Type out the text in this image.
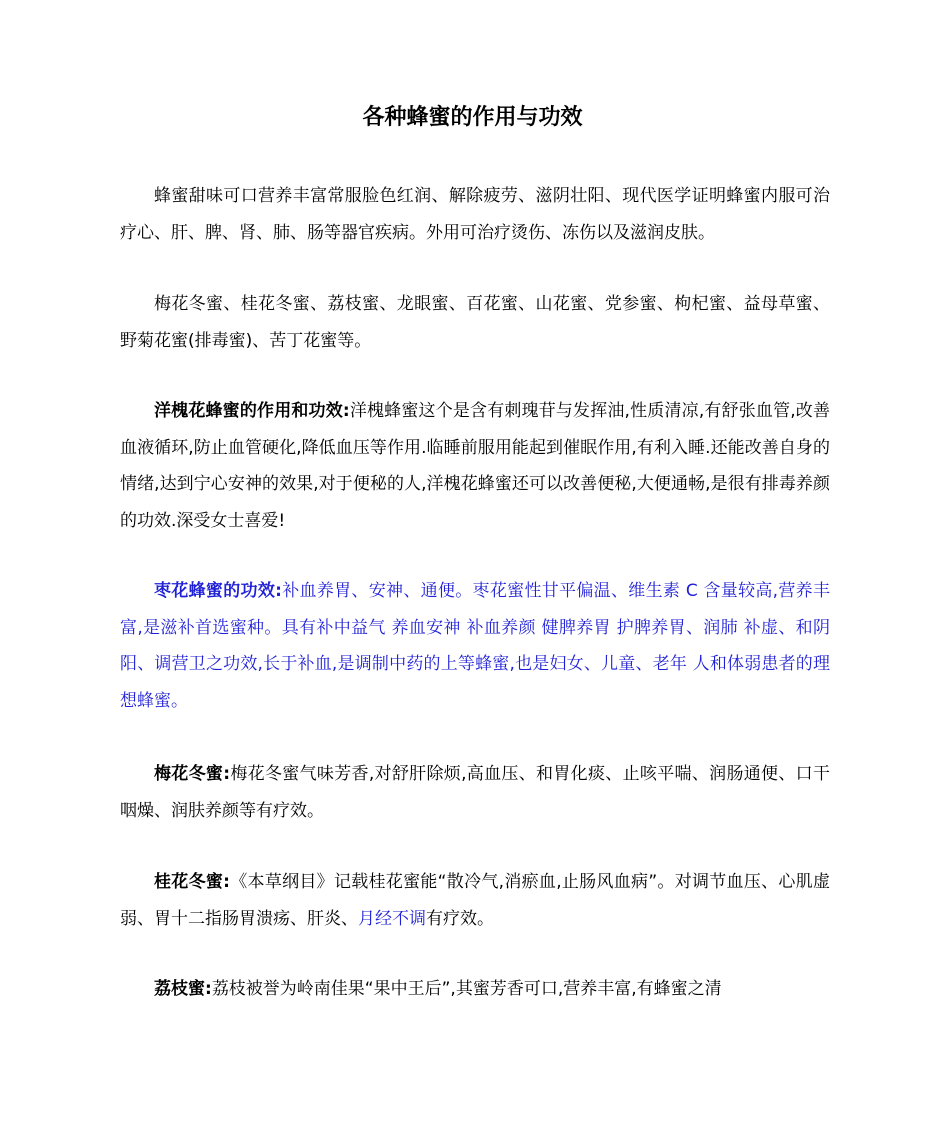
各种蜂蜜的作用与功效

蜂蜜甜味可口营养丰富常服脸色红润、解除疲劳、滋阴壮阳、现代医学证明蜂蜜内服可治疗心、肝、脾、肾、肺、肠等器官疾病。外用可治疗烫伤、冻伤以及滋润皮肤。

梅花冬蜜、桂花冬蜜、荔枝蜜、龙眼蜜、百花蜜、山花蜜、党参蜜、枸杞蜜、益母草蜜、野菊花蜜(排毒蜜)、苦丁花蜜等。

洋槐花蜂蜜的作用和功效:洋槐蜂蜜这个是含有刺瑰苷与发挥油,性质清凉,有舒张血管,改善血液循环,防止血管硬化,降低血压等作用.临睡前服用能起到催眠作用,有利入睡.还能改善自身的情绪,达到宁心安神的效果,对于便秘的人,洋槐花蜂蜜还可以改善便秘,大便通畅,是很有排毒养颜的功效.深受女士喜爱!

枣花蜂蜜的功效:补血养胃、安神、通便。枣花蜜性甘平偏温、维生素 C 含量较高,营养丰富,是滋补首选蜜种。具有补中益气 养血安神 补血养颜 健脾养胃 护脾养胃、润肺 补虚、和阴阳、调营卫之功效,长于补血,是调制中药的上等蜂蜜,也是妇女、儿童、老年 人和体弱患者的理想蜂蜜。

梅花冬蜜:梅花冬蜜气味芳香,对舒肝除烦,高血压、和胃化痰、止咳平喘、润肠通便、口干咽燥、润肤养颜等有疗效。

桂花冬蜜:《本草纲目》记载桂花蜜能“散冷气,消瘀血,止肠风血病”。对调节血压、心肌虚弱、胃十二指肠胃溃疡、肝炎、月经不调有疗效。

荔枝蜜:荔枝被誉为岭南佳果“果中王后”,其蜜芳香可口,营养丰富,有蜂蜜之清
